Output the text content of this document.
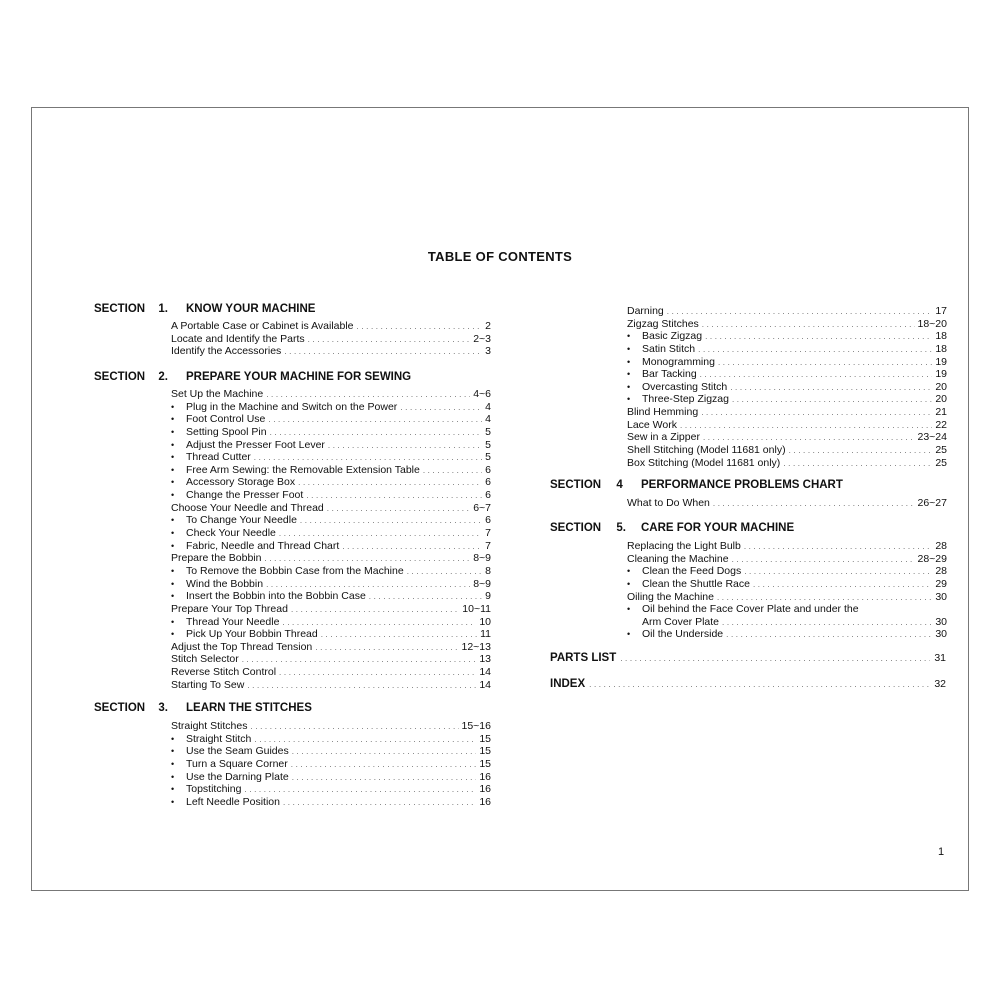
TABLE OF CONTENTS
SECTION 1. KNOW YOUR MACHINE
SECTION 2. PREPARE YOUR MACHINE FOR SEWING
SECTION 3. LEARN THE STITCHES
SECTION 4 PERFORMANCE PROBLEMS CHART
SECTION 5. CARE FOR YOUR MACHINE
A Portable Case or Cabinet is Available .....	2
Locate and Identify the Parts .....	2~3
Identify the Accessories .....	3
Set Up the Machine .....	4~6
• Plug in the Machine and Switch on the Power .....	4
• Foot Control Use .....	4
• Setting Spool Pin .....	5
• Adjust the Presser Foot Lever .....	5
• Thread Cutter .....	5
• Free Arm Sewing: the Removable Extension Table .....	6
• Accessory Storage Box .....	6
• Change the Presser Foot .....	6
Choose Your Needle and Thread .....	6~7
• To Change Your Needle .....	6
• Check Your Needle .....	7
• Fabric, Needle and Thread Chart .....	7
Prepare the Bobbin .....	8~9
• To Remove the Bobbin Case from the Machine .....	8
• Wind the Bobbin .....	8~9
• Insert the Bobbin into the Bobbin Case .....	9
Prepare Your Top Thread .....	10~11
• Thread Your Needle .....	10
• Pick Up Your Bobbin Thread .....	11
Adjust the Top Thread Tension .....	12~13
Stitch Selector .....	13
Reverse Stitch Control .....	14
Starting To Sew .....	14
Straight Stitches .....	15~16
• Straight Stitch .....	15
• Use the Seam Guides .....	15
• Turn a Square Corner .....	15
• Use the Darning Plate .....	16
• Topstitching .....	16
• Left Needle Position .....	16
Darning .....	17
Zigzag Stitches .....	18~20
• Basic Zigzag .....	18
• Satin Stitch .....	18
• Monogramming .....	19
• Bar Tacking .....	19
• Overcasting Stitch .....	20
• Three-Step Zigzag .....	20
Blind Hemming .....	21
Lace Work .....	22
Sew in a Zipper .....	23~24
Shell Stitching (Model 11681 only) .....	25
Box Stitching (Model 11681 only) .....	25
What to Do When .....	26~27
Replacing the Light Bulb .....	28
Cleaning the Machine .....	28~29
• Clean the Feed Dogs .....	28
• Clean the Shuttle Race .....	29
Oiling the Machine .....	30
• Oil behind the Face Cover Plate and under the
Arm Cover Plate .....	30
• Oil the Underside .....	30
PARTS LIST .....	31
INDEX .....	32
1
